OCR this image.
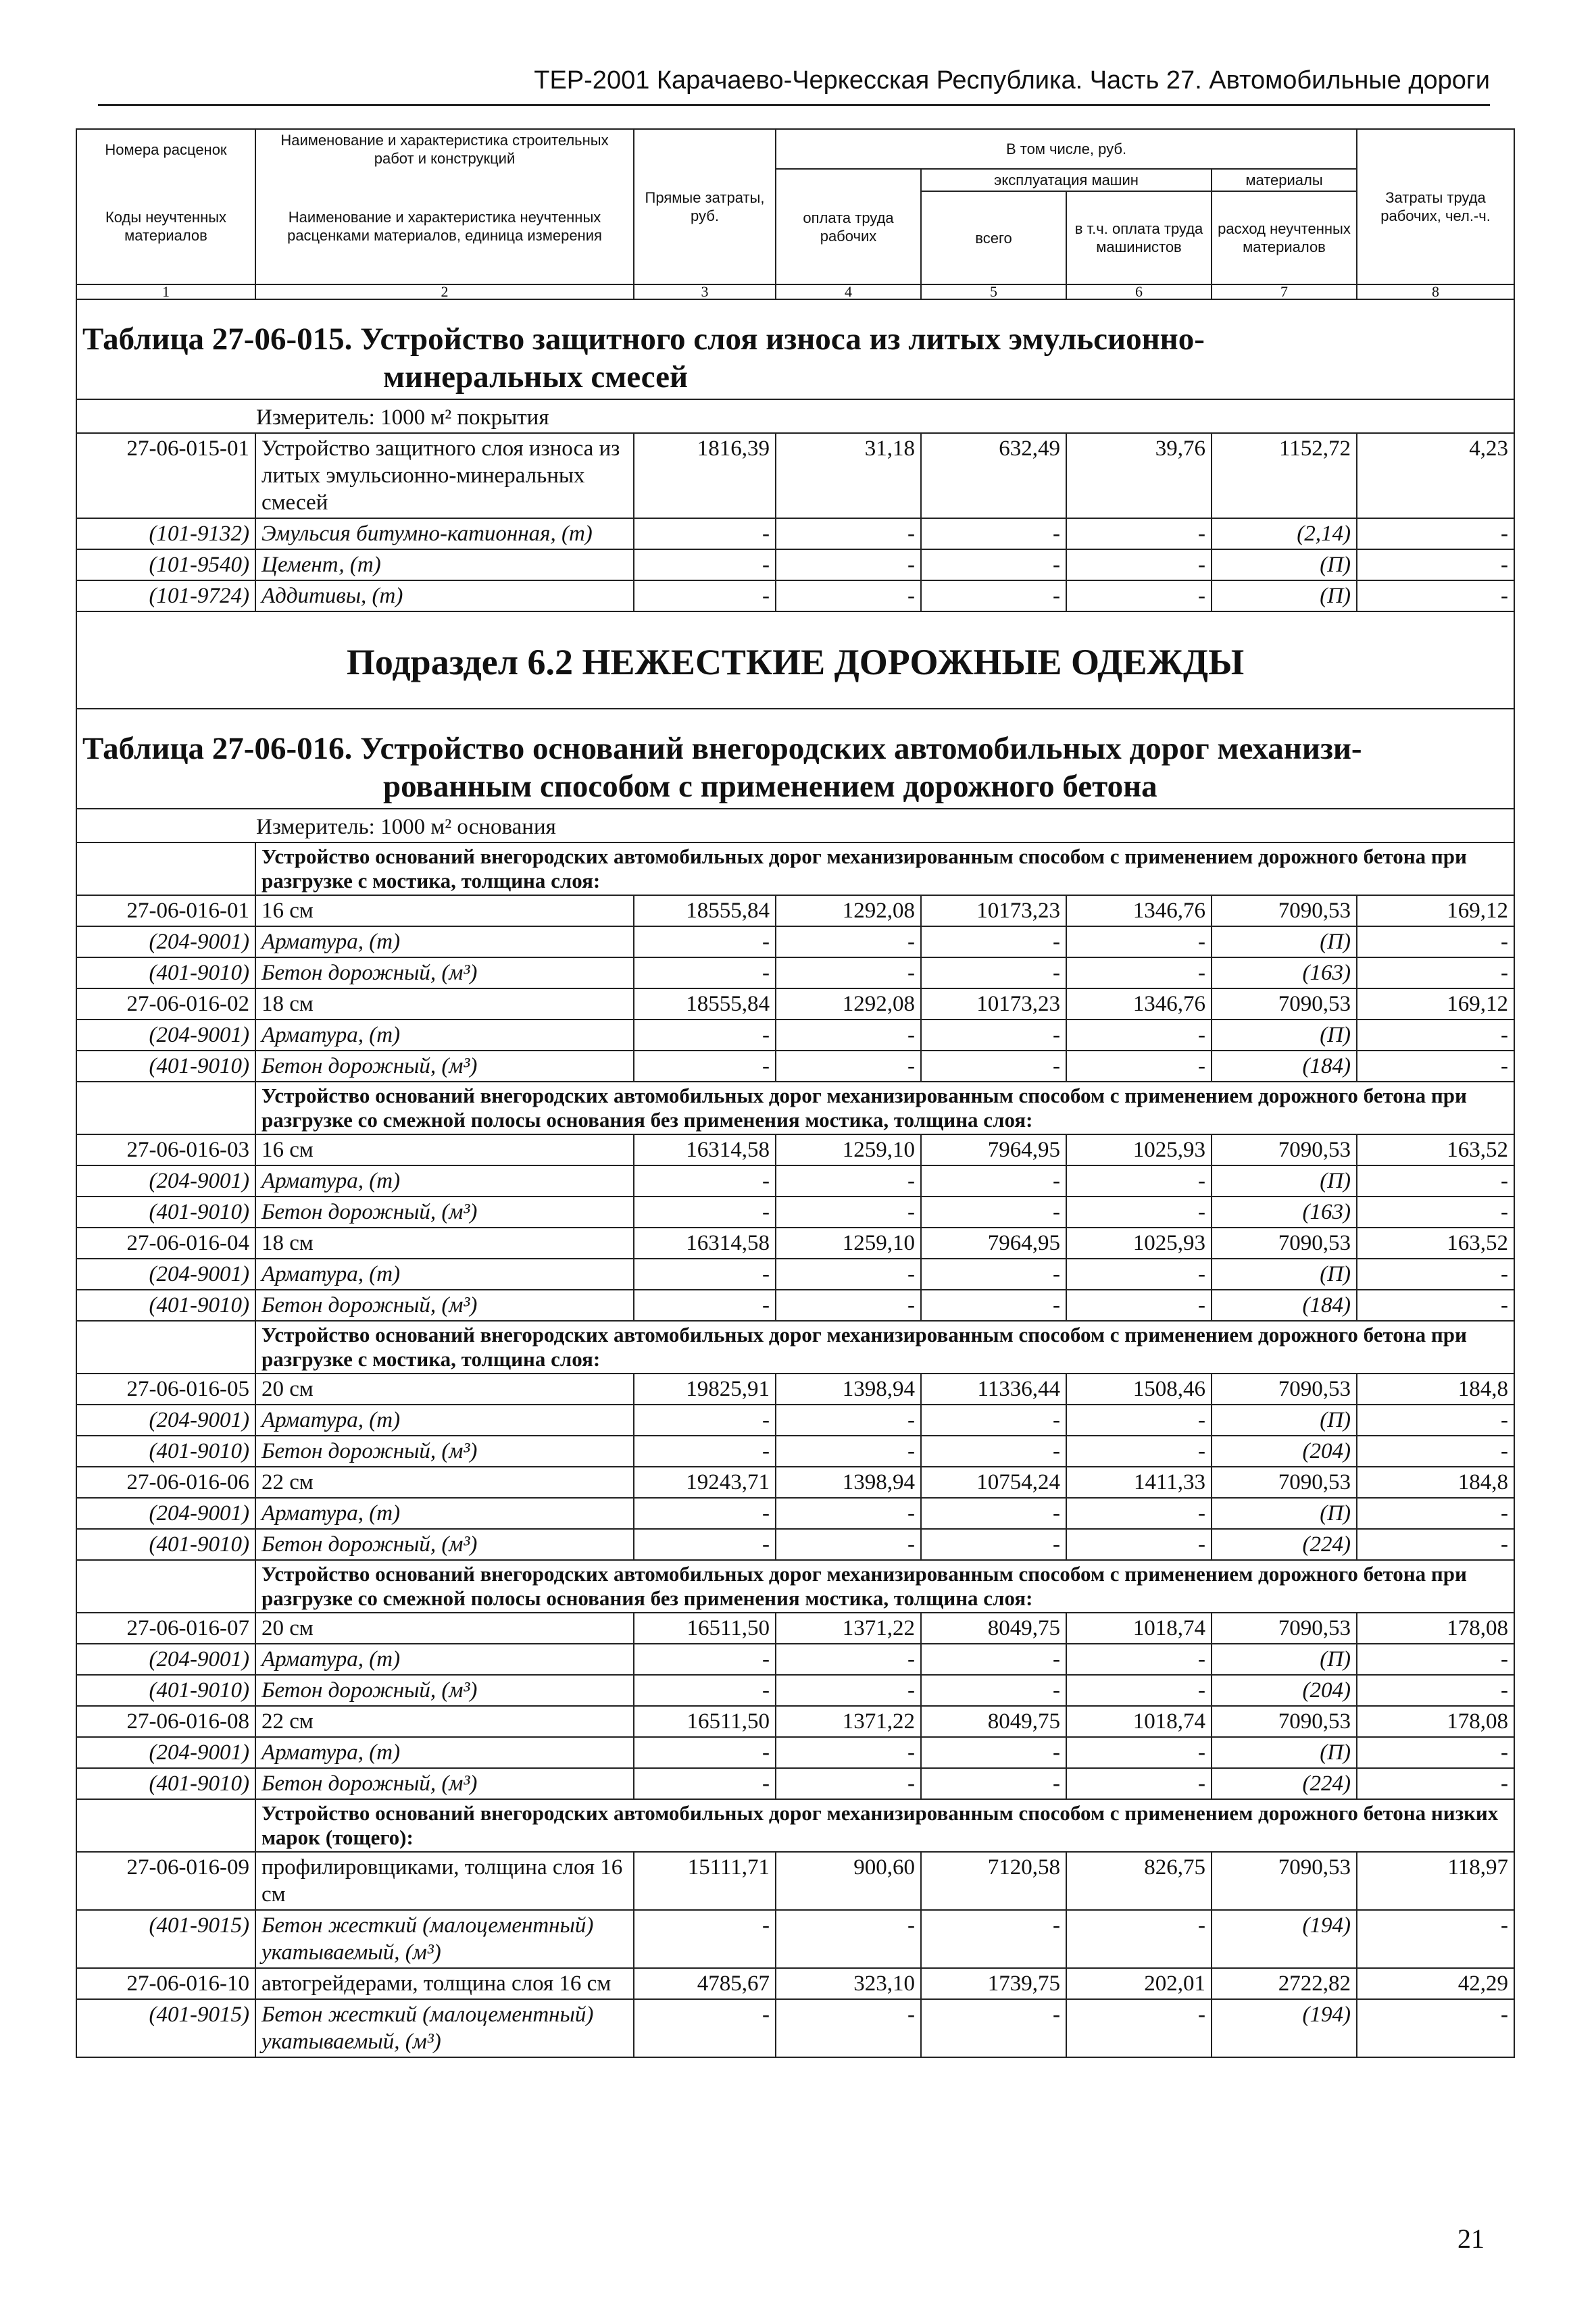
ТЕР-2001 Карачаево-Черкесская Республика. Часть 27. Автомобильные дороги
Номера расценок	Наименование и характеристика строительных работ и конструкций	Прямые затраты, руб.	В том числе, руб.				Затраты труда рабочих, чел.-ч.
Коды неучтенных материалов	Наименование и характеристика неучтенных расценками материалов, единица измерения		оплата труда рабочих	эксплуатация машин		материалы	
				всего	в т.ч. оплата труда машинистов	расход неучтенных материалов	
1	2	3	4	5	6	7	8
Таблица 27-06-015. Устройство защитного слоя износа из литых эмульсионно-
минеральных смесей							

Измеритель: 1000 м² покрытия							
27-06-015-01	Устройство защитного слоя износа из литых эмульсионно-минеральных смесей	1816,39	31,18	632,49	39,76	1152,72	4,23
(101-9132)	Эмульсия битумно-катионная, (т)	-	-	-	-	(2,14)	-
(101-9540)	Цемент, (т)	-	-	-	-	(П)	-
(101-9724)	Аддитивы, (т)	-	-	-	-	(П)	-
Подраздел 6.2 НЕЖЕСТКИЕ ДОРОЖНЫЕ ОДЕЖДЫ							
Таблица 27-06-016. Устройство оснований внегородских автомобильных дорог механизи-
рованным способом с применением дорожного бетона							

Измеритель: 1000 м² основания							
	Устройство оснований внегородских автомобильных дорог механизированным способом с применением дорожного бетона при разгрузке с мостика, толщина слоя:						
27-06-016-01	16 см	18555,84	1292,08	10173,23	1346,76	7090,53	169,12
(204-9001)	Арматура, (т)	-	-	-	-	(П)	-
(401-9010)	Бетон дорожный, (м³)	-	-	-	-	(163)	-
27-06-016-02	18 см	18555,84	1292,08	10173,23	1346,76	7090,53	169,12
(204-9001)	Арматура, (т)	-	-	-	-	(П)	-
(401-9010)	Бетон дорожный, (м³)	-	-	-	-	(184)	-
	Устройство оснований внегородских автомобильных дорог механизированным способом с применением дорожного бетона при разгрузке со смежной полосы основания без применения мостика, толщина слоя:						
27-06-016-03	16 см	16314,58	1259,10	7964,95	1025,93	7090,53	163,52
(204-9001)	Арматура, (т)	-	-	-	-	(П)	-
(401-9010)	Бетон дорожный, (м³)	-	-	-	-	(163)	-
27-06-016-04	18 см	16314,58	1259,10	7964,95	1025,93	7090,53	163,52
(204-9001)	Арматура, (т)	-	-	-	-	(П)	-
(401-9010)	Бетон дорожный, (м³)	-	-	-	-	(184)	-
	Устройство оснований внегородских автомобильных дорог механизированным способом с применением дорожного бетона при разгрузке с мостика, толщина слоя:						
27-06-016-05	20 см	19825,91	1398,94	11336,44	1508,46	7090,53	184,8
(204-9001)	Арматура, (т)	-	-	-	-	(П)	-
(401-9010)	Бетон дорожный, (м³)	-	-	-	-	(204)	-
27-06-016-06	22 см	19243,71	1398,94	10754,24	1411,33	7090,53	184,8
(204-9001)	Арматура, (т)	-	-	-	-	(П)	-
(401-9010)	Бетон дорожный, (м³)	-	-	-	-	(224)	-
	Устройство оснований внегородских автомобильных дорог механизированным способом с применением дорожного бетона при разгрузке со смежной полосы основания без применения мостика, толщина слоя:						
27-06-016-07	20 см	16511,50	1371,22	8049,75	1018,74	7090,53	178,08
(204-9001)	Арматура, (т)	-	-	-	-	(П)	-
(401-9010)	Бетон дорожный, (м³)	-	-	-	-	(204)	-
27-06-016-08	22 см	16511,50	1371,22	8049,75	1018,74	7090,53	178,08
(204-9001)	Арматура, (т)	-	-	-	-	(П)	-
(401-9010)	Бетон дорожный, (м³)	-	-	-	-	(224)	-
	Устройство оснований внегородских автомобильных дорог механизированным способом с применением дорожного бетона низких марок (тощего):						
27-06-016-09	профилировщиками, толщина слоя 16 см	15111,71	900,60	7120,58	826,75	7090,53	118,97
(401-9015)	Бетон жесткий (малоцементный) укатываемый, (м³)	-	-	-	-	(194)	-
27-06-016-10	автогрейдерами, толщина слоя 16 см	4785,67	323,10	1739,75	202,01	2722,82	42,29
(401-9015)	Бетон жесткий (малоцементный) укатываемый, (м³)	-	-	-	-	(194)	-
21
